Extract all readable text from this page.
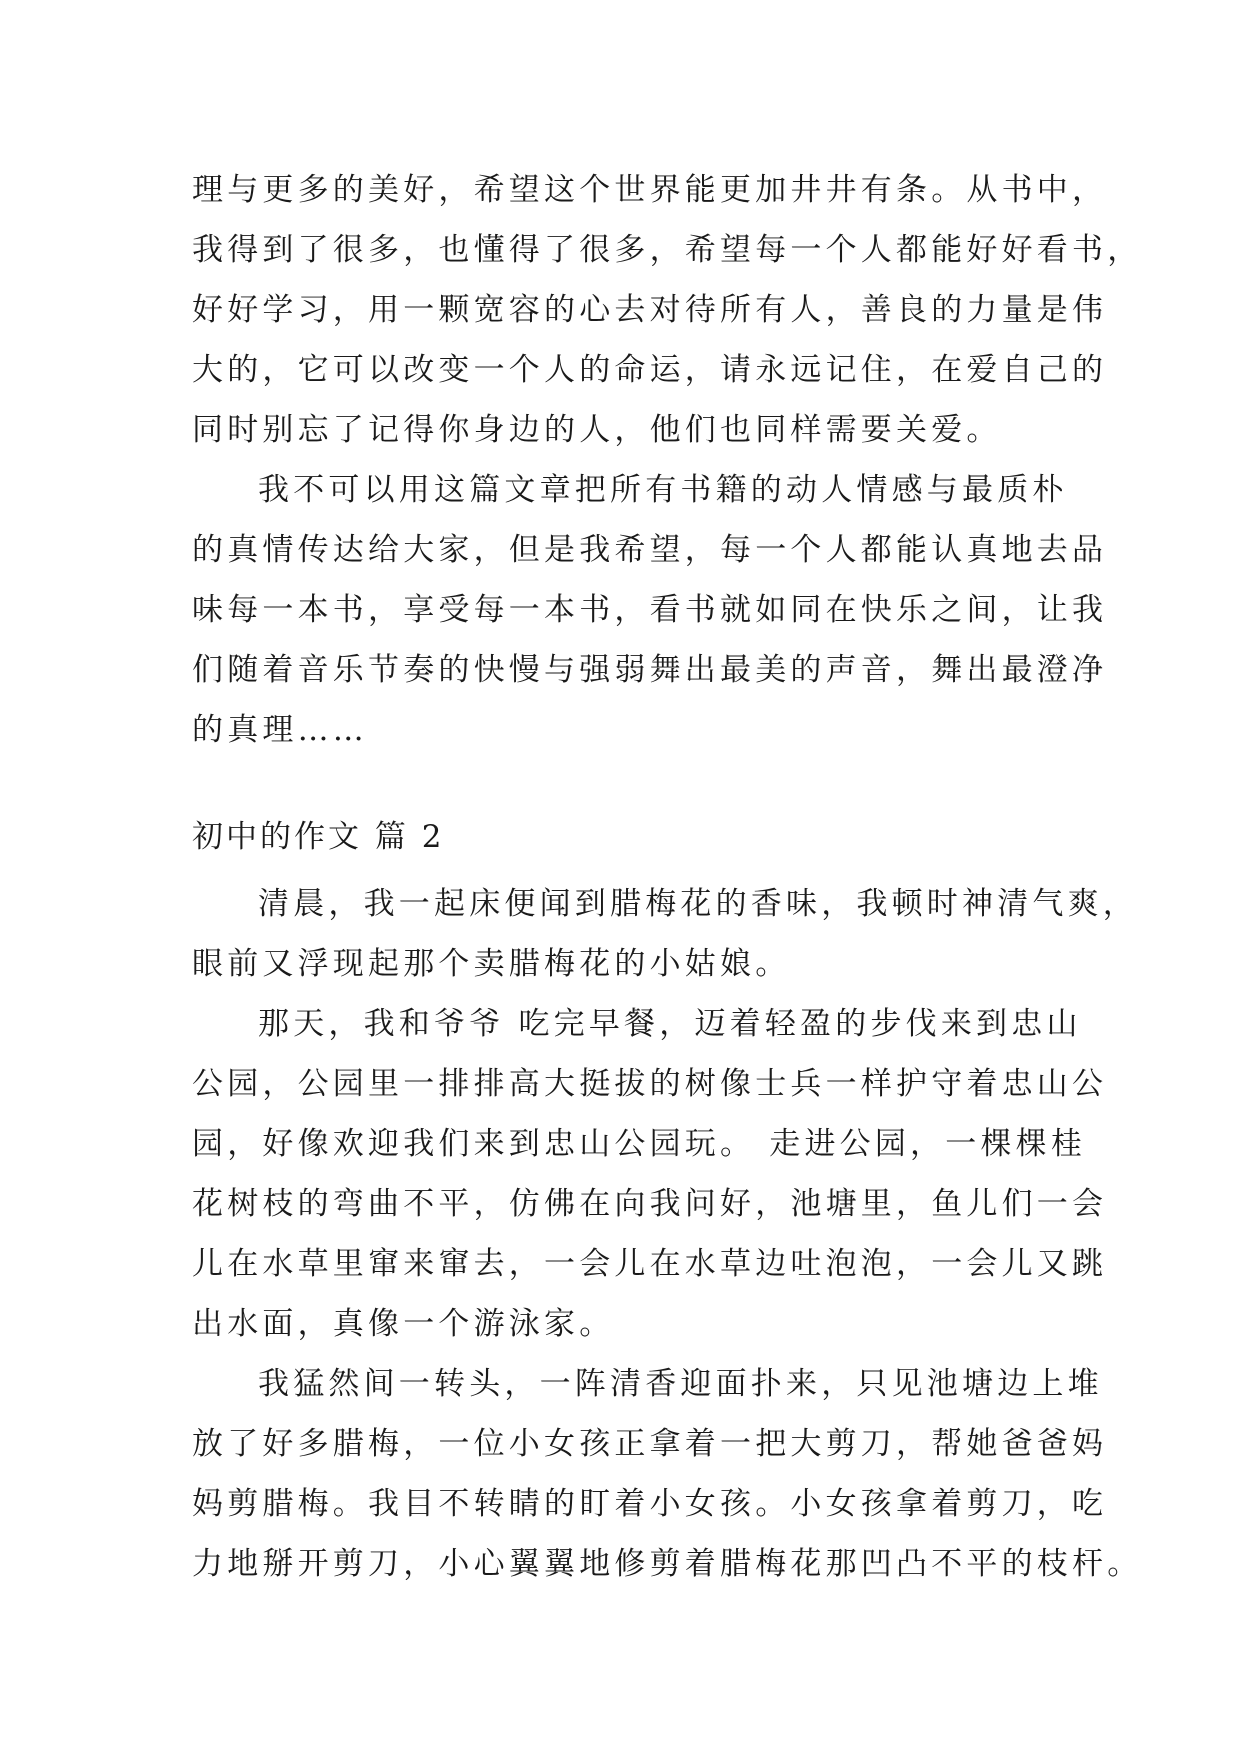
理与更多的美好，希望这个世界能更加井井有条。从书中，
我得到了很多，也懂得了很多，希望每一个人都能好好看书，
好好学习，用一颗宽容的心去对待所有人，善良的力量是伟
大的，它可以改变一个人的命运，请永远记住，在爱自己的
同时别忘了记得你身边的人，他们也同样需要关爱。
我不可以用这篇文章把所有书籍的动人情感与最质朴
的真情传达给大家，但是我希望，每一个人都能认真地去品
味每一本书，享受每一本书，看书就如同在快乐之间，让我
们随着音乐节奏的快慢与强弱舞出最美的声音，舞出最澄净
的真理……
初中的作文 篇 2
清晨，我一起床便闻到腊梅花的香味，我顿时神清气爽，
眼前又浮现起那个卖腊梅花的小姑娘。
那天，我和爷爷 吃完早餐，迈着轻盈的步伐来到忠山
公园，公园里一排排高大挺拔的树像士兵一样护守着忠山公
园，好像欢迎我们来到忠山公园玩。 走进公园，一棵棵桂
花树枝的弯曲不平，仿佛在向我问好，池塘里，鱼儿们一会
儿在水草里窜来窜去，一会儿在水草边吐泡泡，一会儿又跳
出水面，真像一个游泳家。
我猛然间一转头，一阵清香迎面扑来，只见池塘边上堆
放了好多腊梅，一位小女孩正拿着一把大剪刀，帮她爸爸妈
妈剪腊梅。我目不转睛的盯着小女孩。小女孩拿着剪刀，吃
力地掰开剪刀，小心翼翼地修剪着腊梅花那凹凸不平的枝杆。
